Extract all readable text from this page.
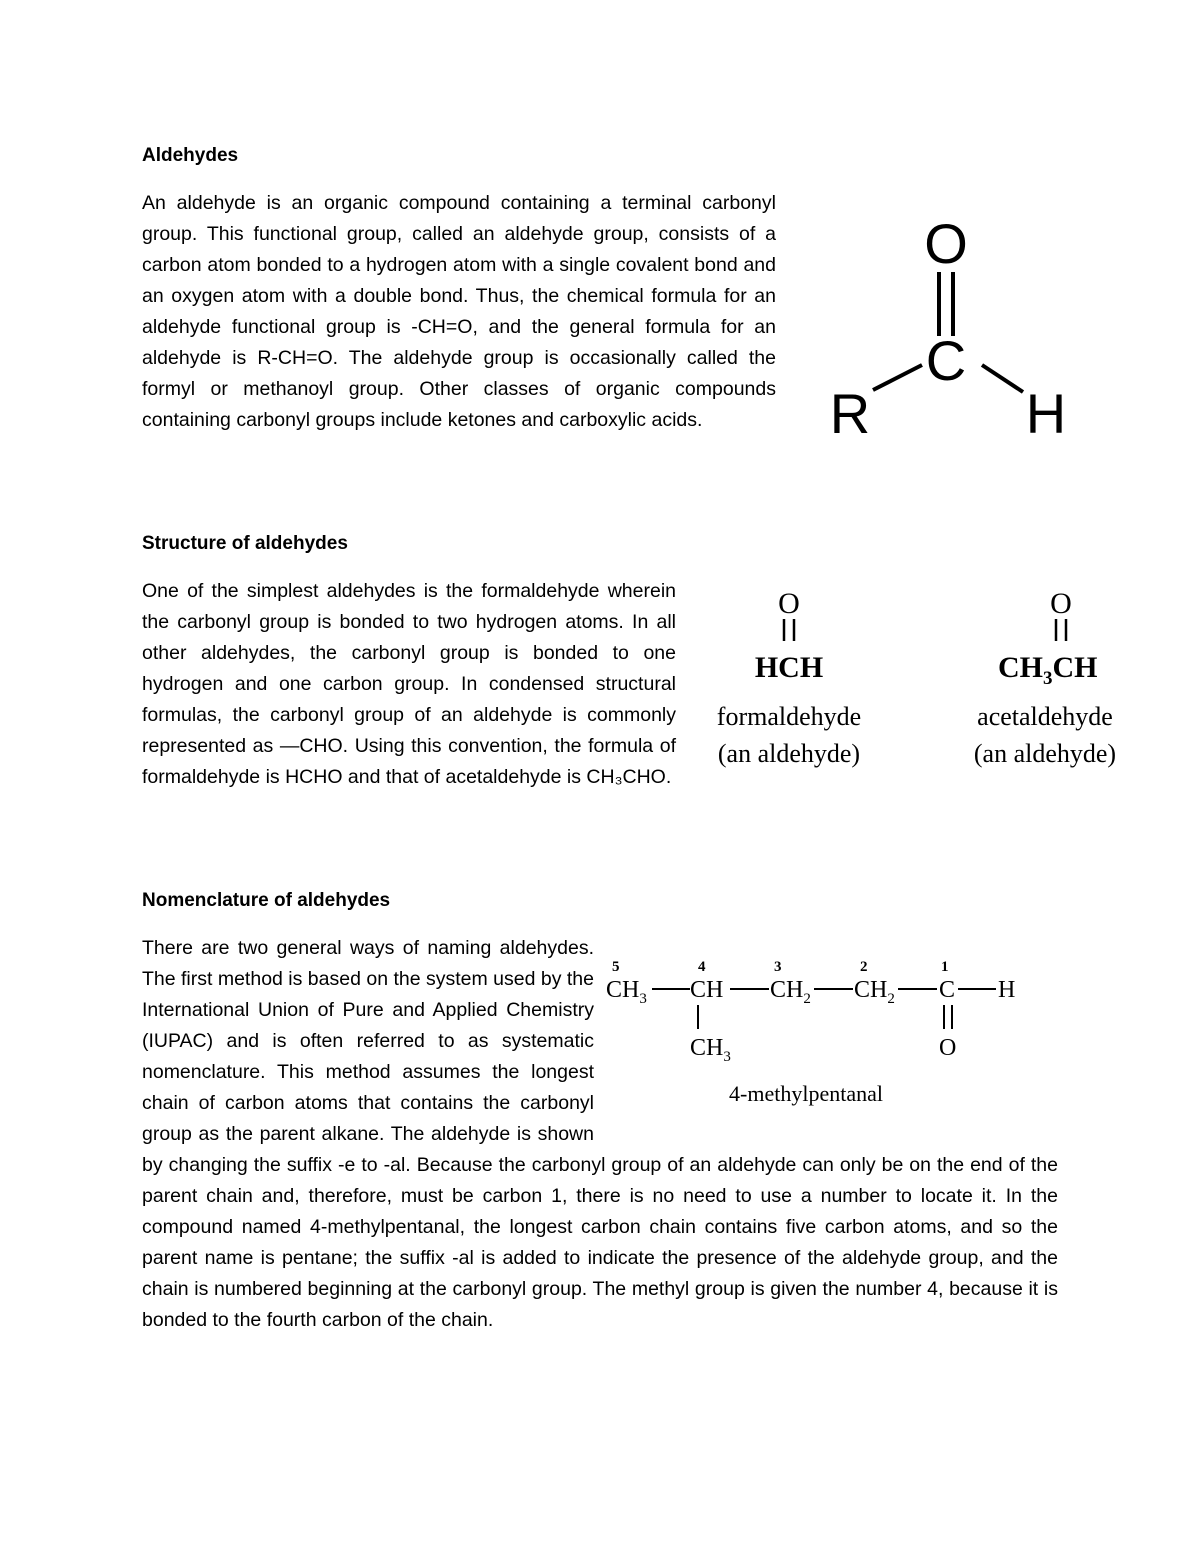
Aldehydes

An aldehyde is an organic compound containing a terminal carbonyl group. This functional group, called an aldehyde group, consists of a carbon atom bonded to a hydrogen atom with a single covalent bond and an oxygen atom with a double bond. Thus, the chemical formula for an aldehyde functional group is -CH=O, and the general formula for an aldehyde is R-CH=O. The aldehyde group is occasionally called the formyl or methanoyl group. Other classes of organic compounds containing carbonyl groups include ketones and carboxylic acids.

O
C
R	H
Structure of aldehydes

One of the simplest aldehydes is the formaldehyde wherein the carbonyl group is bonded to two hydrogen atoms. In all other aldehydes, the carbonyl group is bonded to one hydrogen and one carbon group. In condensed structural formulas, the carbonyl group of an aldehyde is commonly represented as —CHO. Using this convention, the formula of formaldehyde is HCHO and that of acetaldehyde is CH₃CHO.

O
HCH
formaldehyde
(an aldehyde)
O
$CH_3CH$
acetaldehyde
(an aldehyde)
Nomenclature of aldehydes
5	4	3	2	1
$CH_3$ CH $CH_2$ $CH_2$ C H
$CH_3$	O
4-methylpentanal
There are two general ways of naming aldehydes. The first method is based on the system used by the International Union of Pure and Applied Chemistry (IUPAC) and is often referred to as systematic nomenclature. This method assumes the longest chain of carbon atoms that contains the carbonyl group as the parent alkane. The aldehyde is shown by changing the suffix -e to -al. Because the carbonyl group of an aldehyde can only be on the end of the parent chain and, therefore, must be carbon 1, there is no need to use a number to locate it. In the compound named 4-methylpentanal, the longest carbon chain contains five carbon atoms, and so the parent name is pentane; the suffix -al is added to indicate the presence of the aldehyde group, and the chain is numbered beginning at the carbonyl group. The methyl group is given the number 4, because it is bonded to the fourth carbon of the chain.
